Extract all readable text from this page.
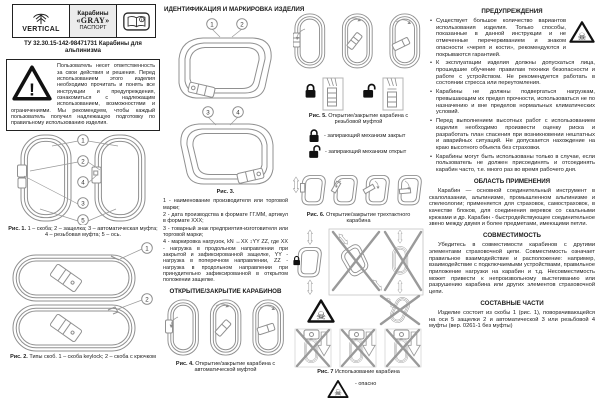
VERTICAL
Карабины
«GRAY»
ПАСПОРТ
i
ТУ 32.30.15-142-98471731 Карабины для альпинизма
Пользователь несет ответственность за свои действия и решения. Перед использованием этого изделия необходимо прочитать и понять все инструкции и предупреждения, ознакомиться с надлежащим использованием, возможностями и ограничениями. Мы рекомендуем, чтобы каждый пользователь получил надлежащую подготовку по правильному использованию изделия.
1
2
4
3
5
Рис. 1. 1 – скоба; 2 – защелка; 3 – автоматическая муфта; 4 – резьбовая муфта; 5 – ось.
1
2
Рис. 2. Типы скоб. 1 – скоба keylock; 2 – скоба с крючком
ИДЕНТИФИКАЦИЯ И МАРКИРОВКА ИЗДЕЛИЯ
1	2
3	4
Рис. 3.

1 - наименование производителя или торговой марки;

2 - дата производства в формате ГГ.ММ, артикул в формате ХХХ;

3 - товарный знак предприятия-изготовителя или торговой марки;

4 - маркировка нагрузок, kN ↔XX ↕YY ZZ, где XX - нагрузка в продольном направлении при закрытой и зафиксированной защелке, YY - нагрузка в поперечном направлении, ZZ - нагрузка в продольном направлении при принудительно зафиксированной в открытом положении защелке.

ОТКРЫТИЕ/ЗАКРЫТИЕ КАРАБИНОВ
Рис. 4. Открытие/закрытие карабина с автоматической муфтой
Рис. 5. Открытие/закрытие карабина с резьбовой муфтой
- запирающий механизм закрыт
- запирающий механизм открыт
Рис. 6. Открытие/закрытие трехтактного карабина
Рис. 7 Использование карабина
- опасно
ПРЕДУПРЕЖДЕНИЯ
• Существует большое количество вариантов использования изделия. Только способы, показанные в данной инструкции и не отмеченные перечеркиванием и знаком опасности «череп и кости», рекомендуются и покрываются гарантией.
• К эксплуатации изделия должны допускаться лица, прошедшие обучение правилам техники безопасности и работе с устройством. Не рекомендуется работать в состоянии стресса или переутомления.
• Карабины не должны подвергаться нагрузкам, превышающим их предел прочности, использоваться не по назначению и вне пределов нормальных климатических условий.
• Перед выполнением высотных работ с использованием изделия необходимо произвести оценку риска и разработать план спасения при возникновении нештатных и аварийных ситуаций. Не допускается нахождение на краю высотного объекта без страховки.
• Карабины могут быть использованы только в случае, если пользователь не должен присоединять и отсоединять карабин часто, т.е. много раз во время рабочего дня.
ОБЛАСТЬ ПРИМЕНЕНИЯ

Карабин — основной соединительный инструмент в скалолазании, альпинизме, промышленном альпинизме и спелеологии; применяется для страховок, самостраховок, в качестве блоков, для соединения веревок со скальными крюками и др. Карабин - быстродействующее соединительное звено между двумя и более предметами, имеющими петли.

СОВМЕСТИМОСТЬ

Убедитесь в совместимости карабинов с другими элементами страховочной цепи. Совместимость означает правильное взаимодействие и расположение: например, взаимодействие с подключаемыми устройствами, правильное приложение нагрузки на карабин и т.д. Несовместимость может привести к непроизвольному выстегиванию или разрушению карабина или других элементов страховочной цепи.

СОСТАВНЫЕ ЧАСТИ

Изделие состоит из скобы 1 (рис. 1), поворачивающейся на оси 5 защелки 2 и автоматической 3 или резьбовой 4 муфты (вер. 0261-1 без муфты)
